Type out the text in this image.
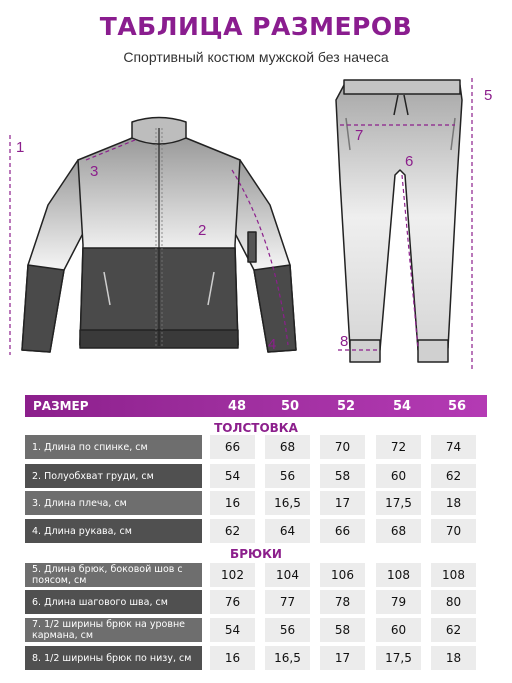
ТАБЛИЦА РАЗМЕРОВ
Спортивный костюм мужской без начеса
1
2
3
4
5
6
7
8
РАЗМЕР	48	50	52	54	56
ТОЛСТОВКА
БРЮКИ
1. Длина по спинке, см	66	68	70	72	74
2. Полуобхват груди, см	54	56	58	60	62
3. Длина плеча, см	16	16,5	17	17,5	18
4. Длина рукава, см	62	64	66	68	70
5. Длина брюк, боковой шов с поясом, см	102	104	106	108	108
6. Длина шагового шва, см	76	77	78	79	80
7. 1/2 ширины брюк на уровне кармана, см	54	56	58	60	62
8. 1/2 ширины брюк по низу, см	16	16,5	17	17,5	18
